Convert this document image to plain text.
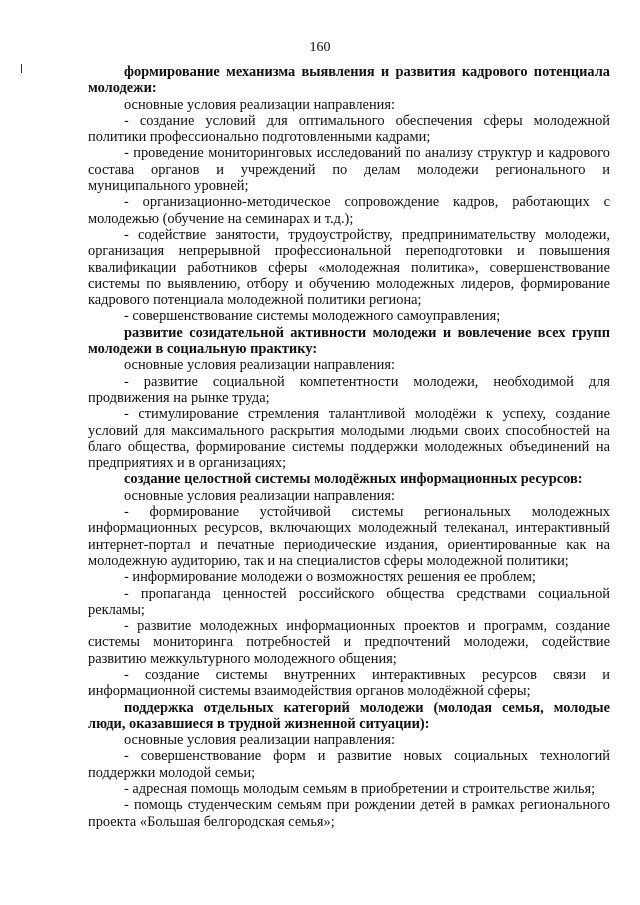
160

формирование механизма выявления и развития кадрового потенциала молодежи:

основные условия реализации направления:

- создание условий для оптимального обеспечения сферы молодежной политики профессионально подготовленными кадрами;

- проведение мониторинговых исследований по анализу структур и кадрового состава органов и учреждений по делам молодежи регионального и муниципального уровней;

- организационно-методическое сопровождение кадров, работающих с молодежью (обучение на семинарах и т.д.);

- содействие занятости, трудоустройству, предпринимательству молодежи, организация непрерывной профессиональной переподготовки и повышения квалификации работников сферы «молодежная политика», совершенствование системы по выявлению, отбору и обучению молодежных лидеров, формирование кадрового потенциала молодежной политики региона;

- совершенствование системы молодежного самоуправления;

развитие созидательной активности молодежи и вовлечение всех групп молодежи в социальную практику:

основные условия реализации направления:

- развитие социальной компетентности молодежи, необходимой для продвижения на рынке труда;

- стимулирование стремления талантливой молодёжи к успеху, создание условий для максимального раскрытия молодыми людьми своих способностей на благо общества, формирование системы поддержки молодежных объединений на предприятиях и в организациях;

создание целостной системы молодёжных информационных ресурсов:

основные условия реализации направления:

- формирование устойчивой системы региональных молодежных информационных ресурсов, включающих молодежный телеканал, интерактивный интернет-портал и печатные периодические издания, ориентированные как на молодежную аудиторию, так и на специалистов сферы молодежной политики;

- информирование молодежи о возможностях решения ее проблем;

- пропаганда ценностей российского общества средствами социальной рекламы;

- развитие молодежных информационных проектов и программ, создание системы мониторинга потребностей и предпочтений молодежи, содействие развитию межкультурного молодежного общения;

- создание системы внутренних интерактивных ресурсов связи и информационной системы взаимодействия органов молодёжной сферы;

поддержка отдельных категорий молодежи (молодая семья, молодые люди, оказавшиеся в трудной жизненной ситуации):

основные условия реализации направления:

- совершенствование форм и развитие новых социальных технологий поддержки молодой семьи;

- адресная помощь молодым семьям в приобретении и строительстве жилья;

- помощь студенческим семьям при рождении детей в рамках регионального проекта «Большая белгородская семья»;
